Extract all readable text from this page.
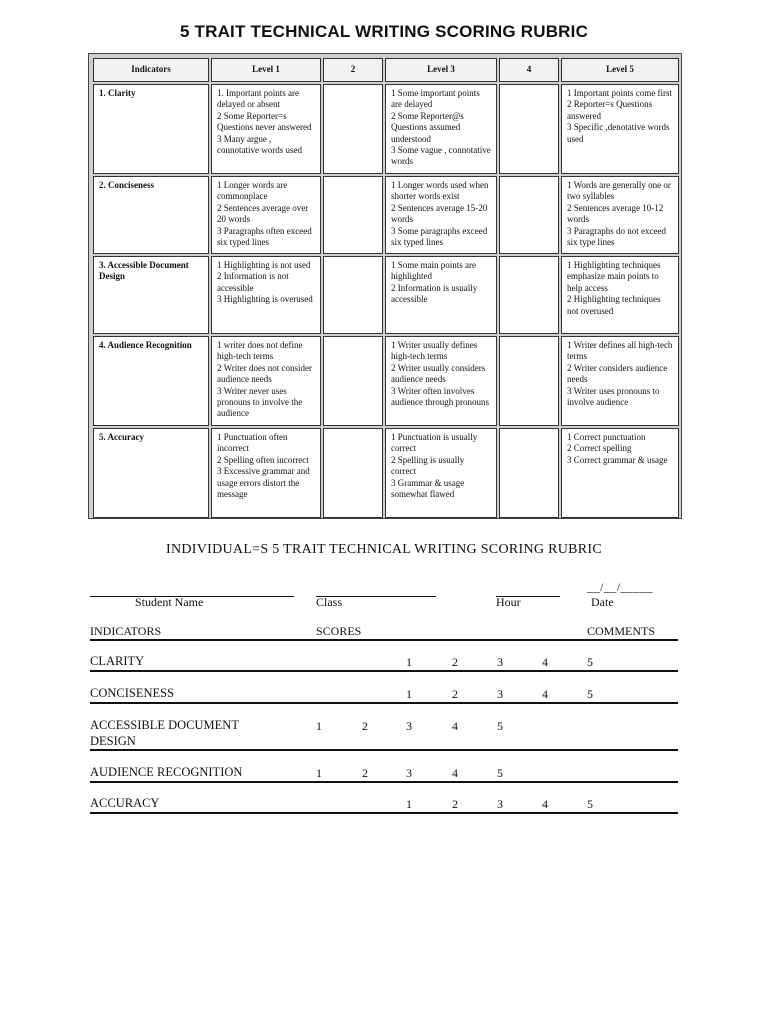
5 TRAIT TECHNICAL WRITING SCORING RUBRIC
Indicators	Level 1	2	Level 3	4	Level 5
1. Clarity	1. Important points are delayed or absent
2 Some Reporter=s Questions never answered
3 Many argue , connotative words used		1 Some important points are delayed
2 Some Reporter@s Questions assumed understood
3 Some vague , connotative words		1 Important points come first
2 Reporter=s Questions answered
3 Specific ,denotative words used

2. Conciseness	1 Longer words are commonplace
2 Sentences average over 20 words
3 Paragraphs often exceed six typed lines		1 Longer words used when shorter words exist
2 Sentences average 15-20 words
3 Some paragraphs exceed six typed lines		1 Words are generally one or two syllables
2 Sentences average 10-12 words
3 Paragraphs do not exceed six type lines

3. Accessible Document Design	1 Highlighting is not used
2 Information is not accessible
3 Highlighting is overused		1 Some main points are highlighted
2 Information is usually accessible		1 Highlighting techniques emphasize main points to help access
2 Highlighting techniques not overused

4. Audience Recognition	1 writer does not define high-tech terms
2 Writer does not consider audience needs
3 Writer never uses pronouns to involve the audience		1 Writer usually defines high-tech terms
2 Writer usually considers audience needs
3 Writer often involves audience through pronouns		1 Writer defines all high-tech terms
2 Writer considers audience needs
3 Writer uses pronouns to involve audience

5. Accuracy	1 Punctuation often incorrect
2 Spelling often incorrect
3 Excessive grammar and usage errors distort the message		1 Punctuation is usually correct
2 Spelling is usually correct
3 Grammar & usage somewhat flawed		1 Correct punctuation
2 Correct spelling
3 Correct grammar & usage
INDIVIDUAL=S 5 TRAIT TECHNICAL WRITING SCORING RUBRIC
__/__/_____
Student Name	Class	Hour	Date
INDICATORS	SCORES	COMMENTS
CLARITY	1	2	3	4	5
CONCISENESS	1	2	3	4	5
ACCESSIBLE DOCUMENT
DESIGN
1	2	3	4	5
AUDIENCE RECOGNITION	1	2	3	4	5
ACCURACY	1	2	3	4	5
